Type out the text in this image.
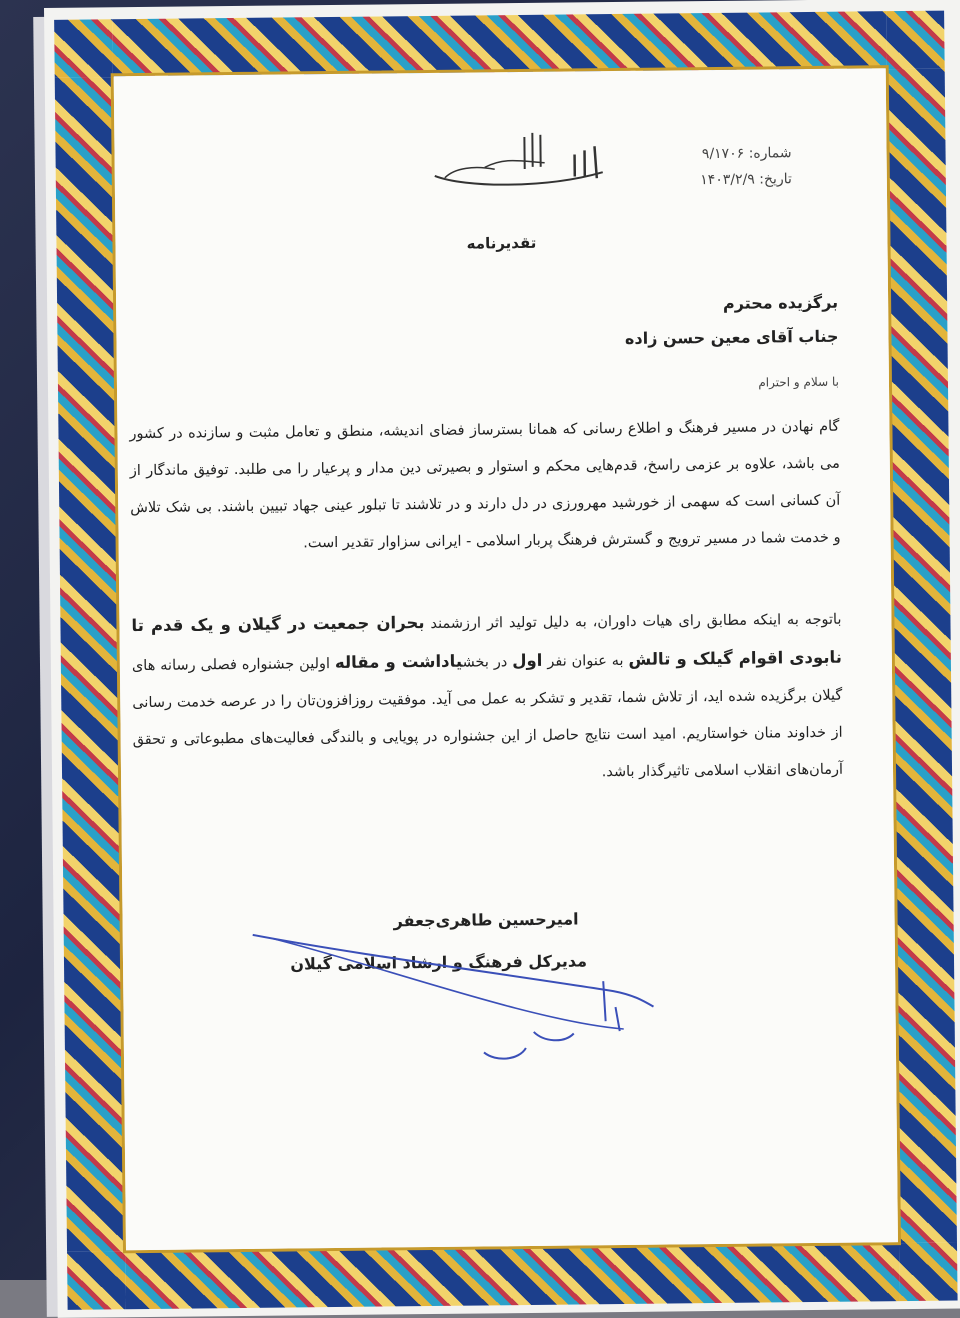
شماره: ۹/۱۷۰۶
تاریخ: ۱۴۰۳/۲/۹
تقدیرنامه
برگزیده محترم
جناب آقای معین حسن زاده
با سلام و احترام
گام نهادن در مسیر فرهنگ و اطلاع رسانی که همانا بسترساز فضای اندیشه، منطق و تعامل مثبت و سازنده در کشور می باشد، علاوه بر عزمی راسخ، قدم‌هایی محکم و استوار و بصیرتی دین مدار و پرعیار را می طلبد. توفیق ماندگار از آن کسانی است که سهمی از خورشید مهرورزی در دل دارند و در تلاشند تا تبلور عینی جهاد تبیین باشند. بی شک تلاش و خدمت شما در مسیر ترویج و گسترش فرهنگ پربار اسلامی - ایرانی سزاوار تقدیر است.
باتوجه به اینکه مطابق رای هیات داوران، به دلیل تولید اثر ارزشمند بحران جمعیت در گیلان و یک قدم تا نابودی اقوام گیلک و تالش به عنوان نفر اول در بخشیاداشت و مقاله اولین جشنواره فصلی رسانه های گیلان برگزیده شده اید، از تلاش شما، تقدیر و تشکر به عمل می آید. موفقیت روزافزون‌تان را در عرصه خدمت رسانی از خداوند منان خواستاریم. امید است نتایج حاصل از این جشنواره در پویایی و بالندگی فعالیت‌های مطبوعاتی و تحقق آرمان‌های انقلاب اسلامی تاثیرگذار باشد.
امیرحسین طاهری‌جعفر
مدیرکل فرهنگ و ارشاد اسلامی گیلان
